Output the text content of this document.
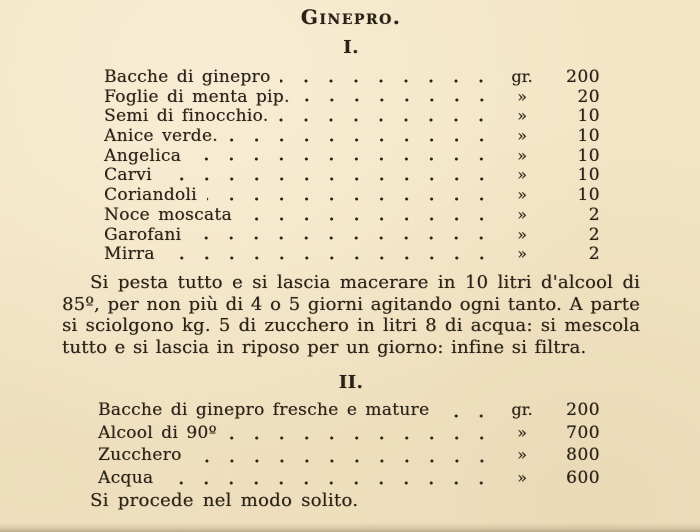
Ginepro.
I.
Bacche di ginepro	gr.	200
Foglie di menta pip.	»	20
Semi di finocchio.	»	10
Anice verde.	»	10
Angelica	»	10
Carvi	»	10
Coriandoli	»	10
Noce moscata	»	2
Garofani	»	2
Mirra	»	2

Si pesta tutto e si lascia macerare in 10 litri d'alcool di 85º, per non più di 4 o 5 giorni agitando ogni tanto. A parte si sciolgono kg. 5 di zucchero in litri 8 di acqua: si mescola tutto e si lascia in riposo per un giorno: infine si filtra.

II.
Bacche di ginepro fresche e mature	gr.	200
Alcool di 90º	»	700
Zucchero	»	800
Acqua	»	600

Si procede nel modo solito.
